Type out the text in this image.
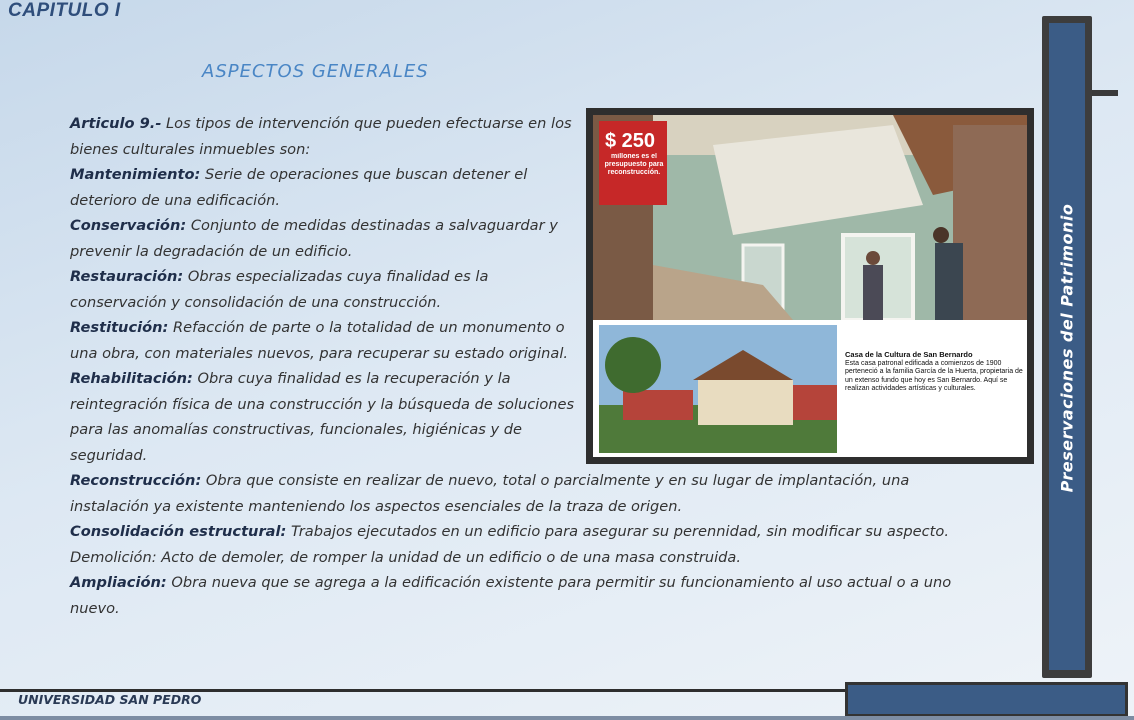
CAPITULO I
ASPECTOS GENERALES
Preservaciones del Patrimonio
$ 250
millones es el presupuesto para reconstrucción.
Casa de la Cultura de San Bernardo
Esta casa patronal edificada a comienzos de 1900 perteneció a la familia García de la Huerta, propietaria de un extenso fundo que hoy es San Bernardo. Aquí se realizan actividades artísticas y culturales.

Articulo 9.- Los tipos de intervención que pueden efectuarse en los bienes culturales inmuebles son:

Mantenimiento: Serie de operaciones que buscan detener el deterioro de una edificación.

Conservación: Conjunto de medidas destinadas a salvaguardar y prevenir la degradación de un edificio.

Restauración: Obras especializadas cuya finalidad es la conservación y consolidación de una construcción.

Restitución: Refacción de parte o la totalidad de un monumento o una obra, con materiales nuevos, para recuperar su estado original.

Rehabilitación: Obra cuya finalidad es la recuperación y la reintegración física de una construcción y la búsqueda de soluciones para las anomalías constructivas, funcionales, higiénicas y de seguridad.

Reconstrucción: Obra que consiste en realizar de nuevo, total o parcialmente y en su lugar de implantación, una instalación ya existente manteniendo los aspectos esenciales de la traza de origen.

Consolidación estructural: Trabajos ejecutados en un edificio para asegurar su perennidad, sin modificar su aspecto.

Demolición: Acto de demoler, de romper la unidad de un edificio o de una masa construida.

Ampliación: Obra nueva que se agrega a la edificación existente para permitir su funcionamiento al uso actual o a uno nuevo.

UNIVERSIDAD SAN PEDRO
